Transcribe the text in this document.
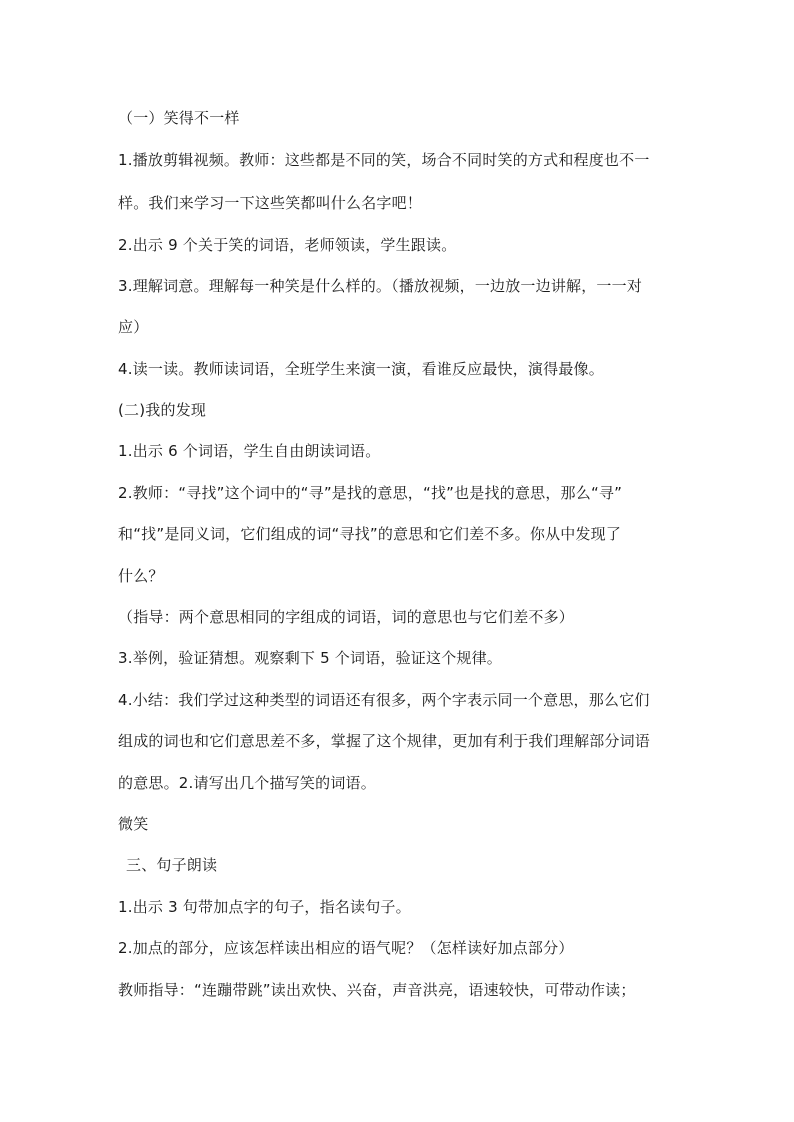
（一）笑得不一样
1.播放剪辑视频。教师：这些都是不同的笑，场合不同时笑的方式和程度也不一
样。我们来学习一下这些笑都叫什么名字吧！
2.出示 9 个关于笑的词语，老师领读，学生跟读。
3.理解词意。理解每一种笑是什么样的。（播放视频，一边放一边讲解，一一对
应）
4.读一读。教师读词语，全班学生来演一演，看谁反应最快，演得最像。
(二)我的发现
1.出示 6 个词语，学生自由朗读词语。
2.教师：“寻找”这个词中的“寻”是找的意思，“找”也是找的意思，那么“寻”
和“找”是同义词，它们组成的词“寻找”的意思和它们差不多。你从中发现了
什么？
（指导：两个意思相同的字组成的词语，词的意思也与它们差不多）
3.举例，验证猜想。观察剩下 5 个词语，验证这个规律。
4.小结：我们学过这种类型的词语还有很多，两个字表示同一个意思，那么它们
组成的词也和它们意思差不多，掌握了这个规律，更加有利于我们理解部分词语
的意思。2.请写出几个描写笑的词语。
微笑
三、句子朗读
1.出示 3 句带加点字的句子，指名读句子。
2.加点的部分，应该怎样读出相应的语气呢？（怎样读好加点部分）
教师指导：“连蹦带跳”读出欢快、兴奋，声音洪亮，语速较快，可带动作读；
